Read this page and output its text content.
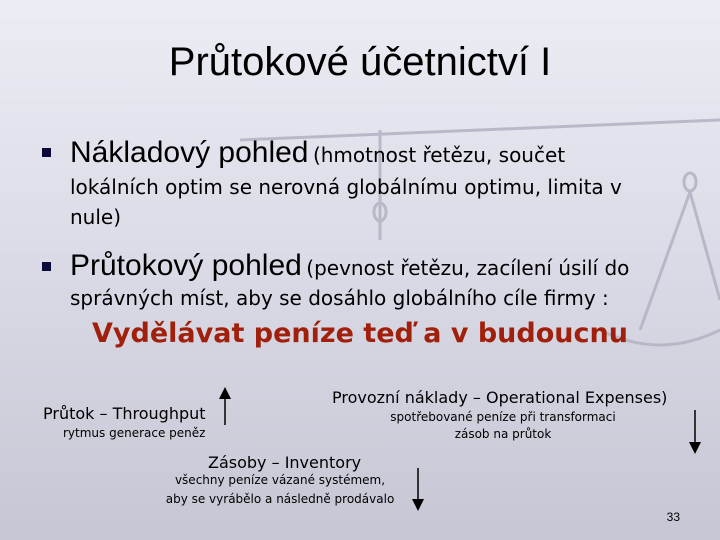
Průtokové účetnictví I
Nákladový pohled (hmotnost řetězu, součet
lokálních optim se nerovná globálnímu optimu, limita v
nule)
Průtokový pohled (pevnost řetězu, zacílení úsilí do
správných míst, aby se dosáhlo globálního cíle firmy :
Vydělávat peníze teď a v budoucnu
Průtok – Throughput
rytmus generace peněz
Provozní náklady – Operational Expenses)
spotřebované peníze při transformaci
zásob na průtok
Zásoby – Inventory
všechny peníze vázané systémem,
aby se vyrábělo a následně prodávalo
33
